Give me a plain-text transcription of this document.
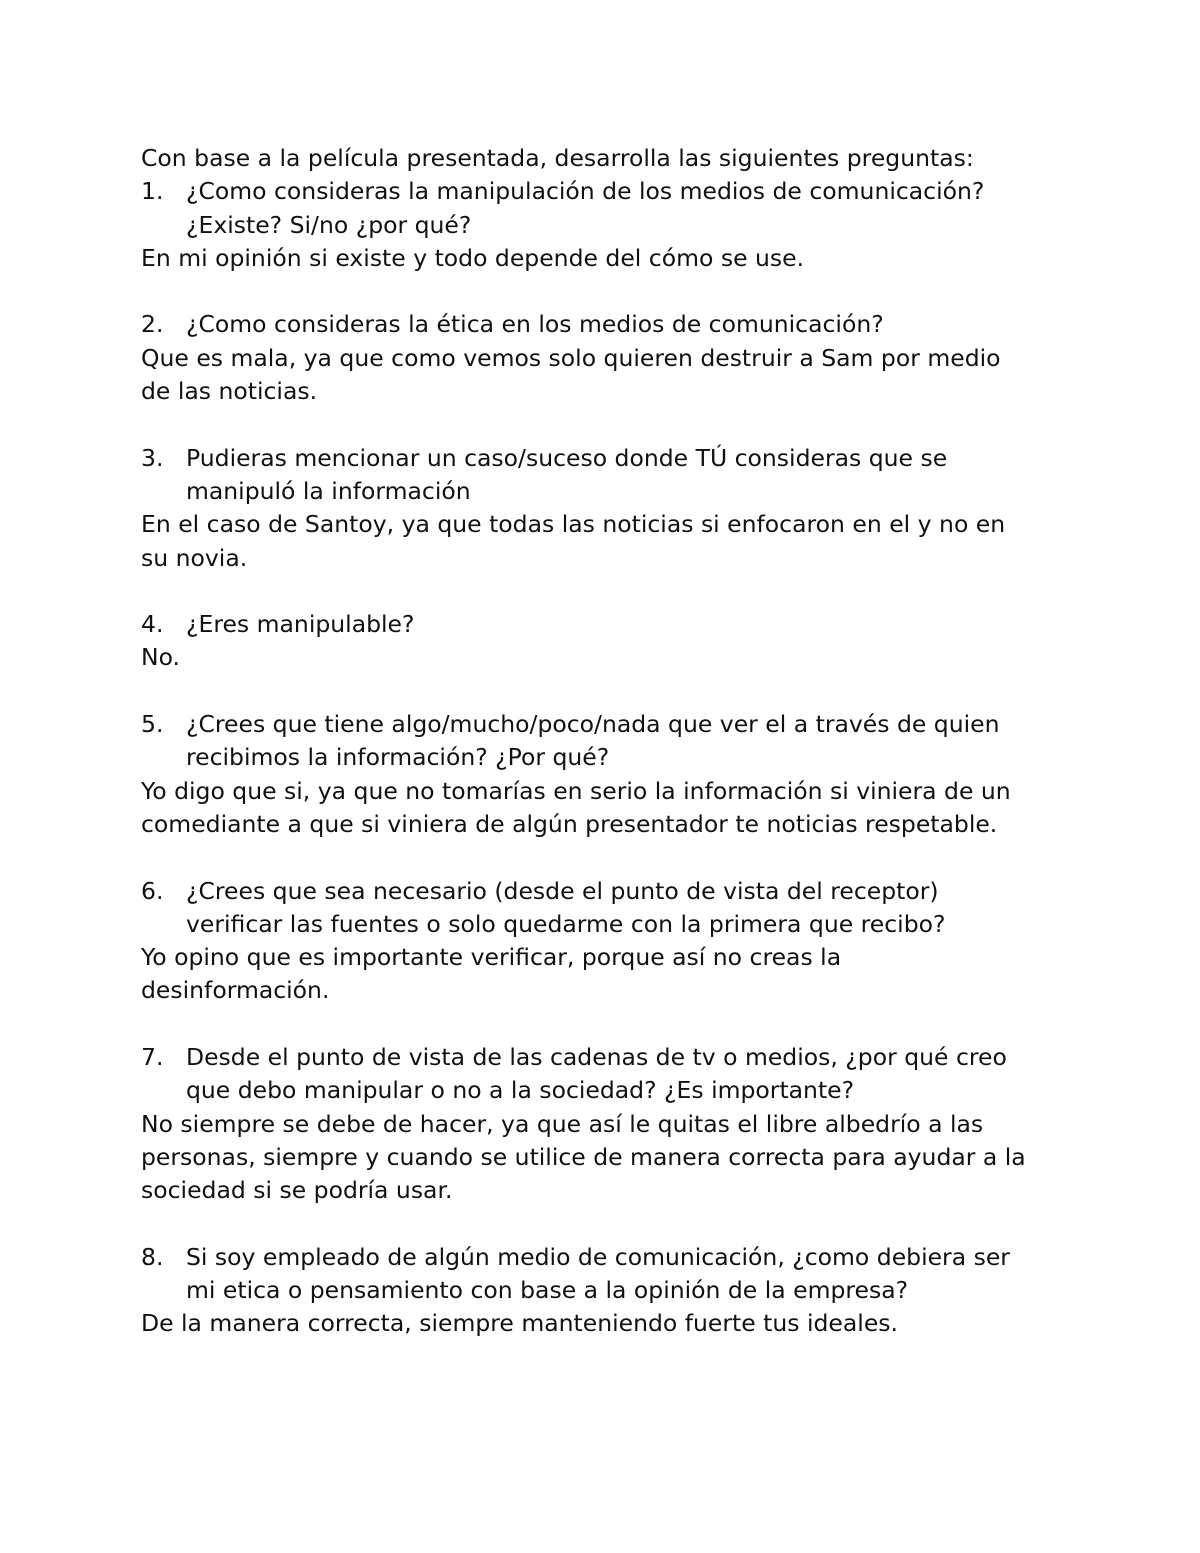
Con base a la película presentada, desarrolla las siguientes preguntas:

1. ¿Como consideras la manipulación de los medios de comunicación?
¿Existe? Si/no ¿por qué?
En mi opinión si existe y todo depende del cómo se use.
2. ¿Como consideras la ética en los medios de comunicación?
Que es mala, ya que como vemos solo quieren destruir a Sam por medio
de las noticias.
3. Pudieras mencionar un caso/suceso donde TÚ consideras que se
manipuló la información
En el caso de Santoy, ya que todas las noticias si enfocaron en el y no en
su novia.
4. ¿Eres manipulable?
No.
5. ¿Crees que tiene algo/mucho/poco/nada que ver el a través de quien
recibimos la información? ¿Por qué?
Yo digo que si, ya que no tomarías en serio la información si viniera de un
comediante a que si viniera de algún presentador te noticias respetable.
6. ¿Crees que sea necesario (desde el punto de vista del receptor)
verificar las fuentes o solo quedarme con la primera que recibo?
Yo opino que es importante verificar, porque así no creas la
desinformación.
7. Desde el punto de vista de las cadenas de tv o medios, ¿por qué creo
que debo manipular o no a la sociedad? ¿Es importante?
No siempre se debe de hacer, ya que así le quitas el libre albedrío a las
personas, siempre y cuando se utilice de manera correcta para ayudar a la
sociedad si se podría usar.
8. Si soy empleado de algún medio de comunicación, ¿como debiera ser
mi etica o pensamiento con base a la opinión de la empresa?
De la manera correcta, siempre manteniendo fuerte tus ideales.
